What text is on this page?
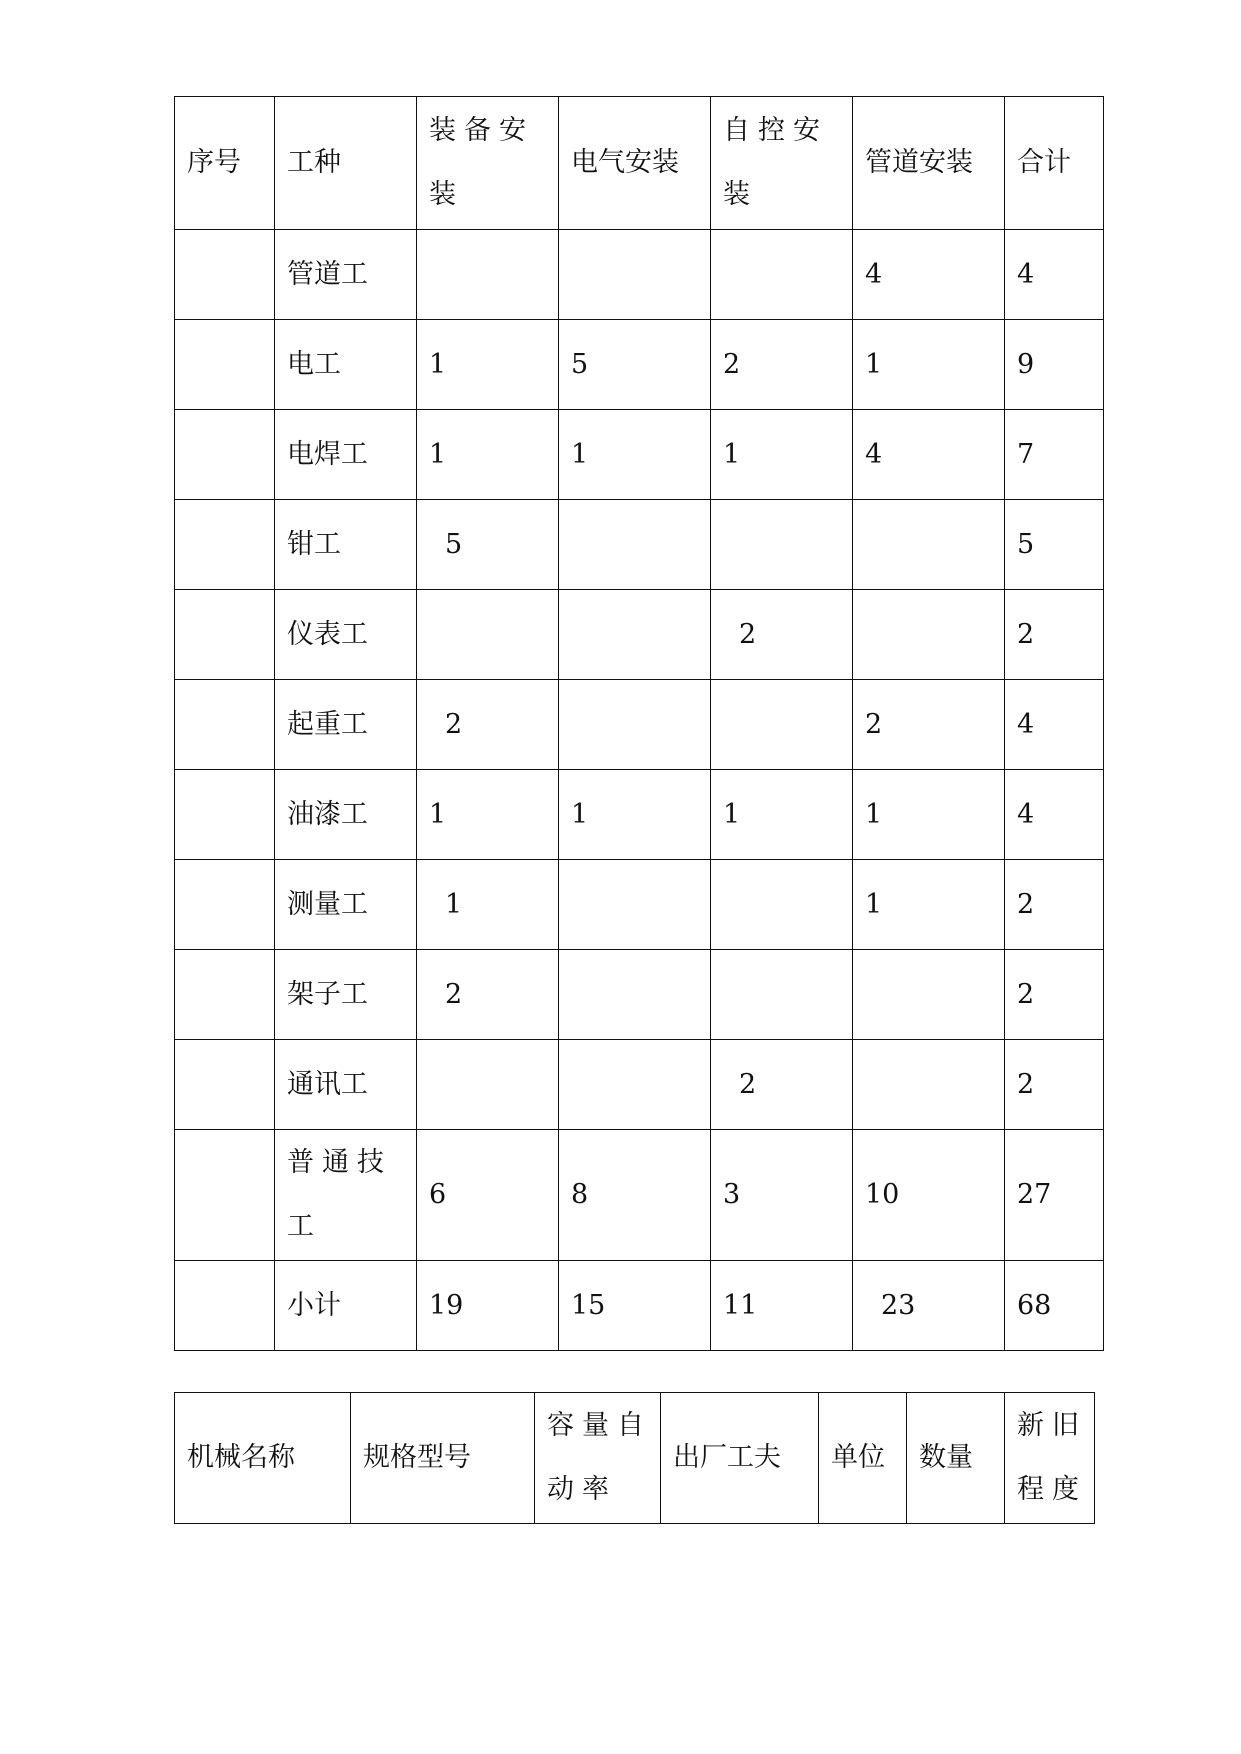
序号	工种	装备安装	电气安装	自控安装	管道安装	合计
	管道工				4	4
	电工	1	5	2	1	9
	电焊工	1	1	1	4	7
	钳工	5				5
	仪表工			2		2
	起重工	2			2	4
	油漆工	1	1	1	1	4
	测量工	1			1	2
	架子工	2				2
	通讯工			2		2
	普通技工	6	8	3	10	27
	小计	19	15	11	23	68
机械名称	规格型号	容量自动率	出厂工夫	单位	数量	新旧程度
